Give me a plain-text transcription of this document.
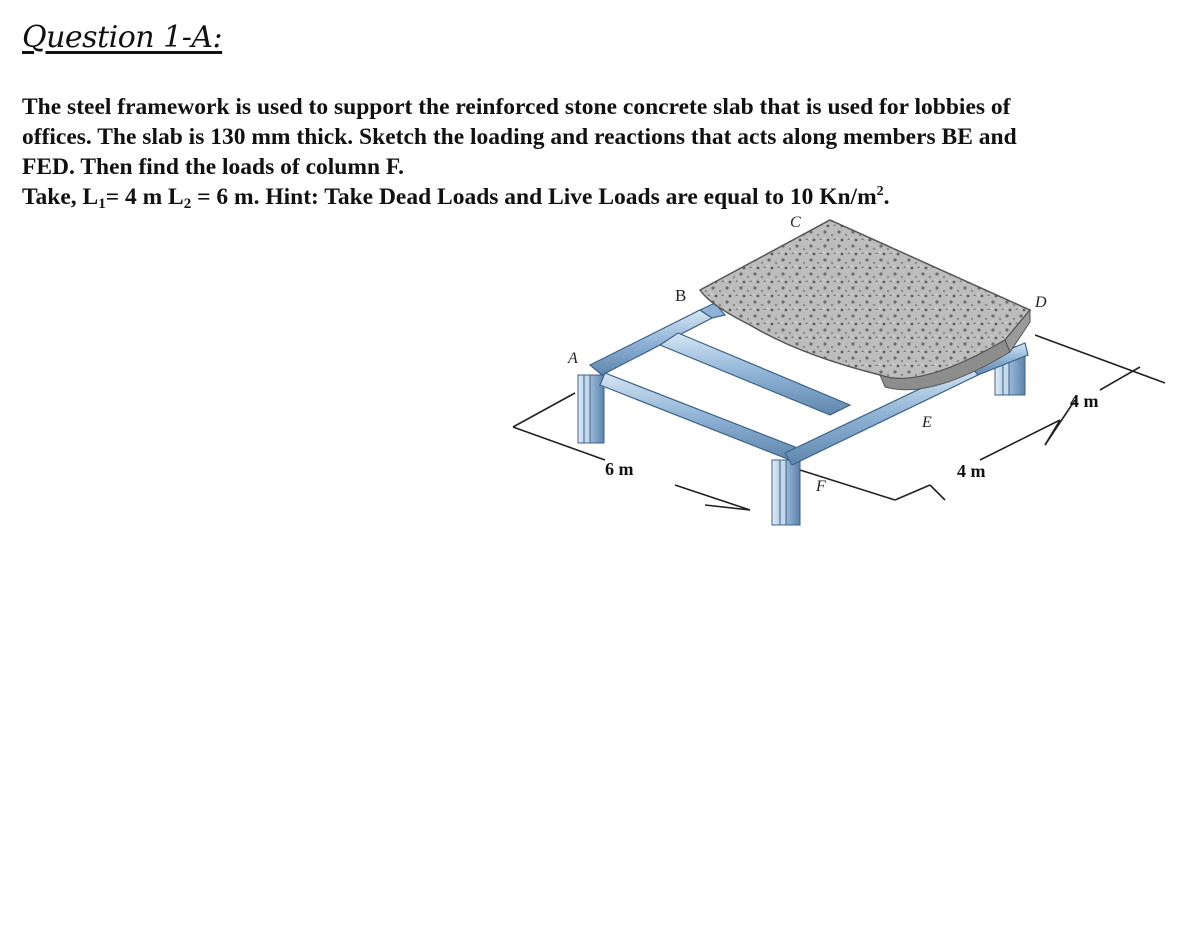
Question 1-A:

The steel framework is used to support the reinforced stone concrete slab that is used for lobbies of

offices. The slab is 130 mm thick. Sketch the loading and reactions that acts along members BE and

FED. Then find the loads of column F.

Take, $L_1= 4$ m $L_2 = 6$ m. Hint: Take Dead Loads and Live Loads are equal to 10 $Kn/m^2$.

A
B
C
D
E
F
6 m	4 m
4 m
